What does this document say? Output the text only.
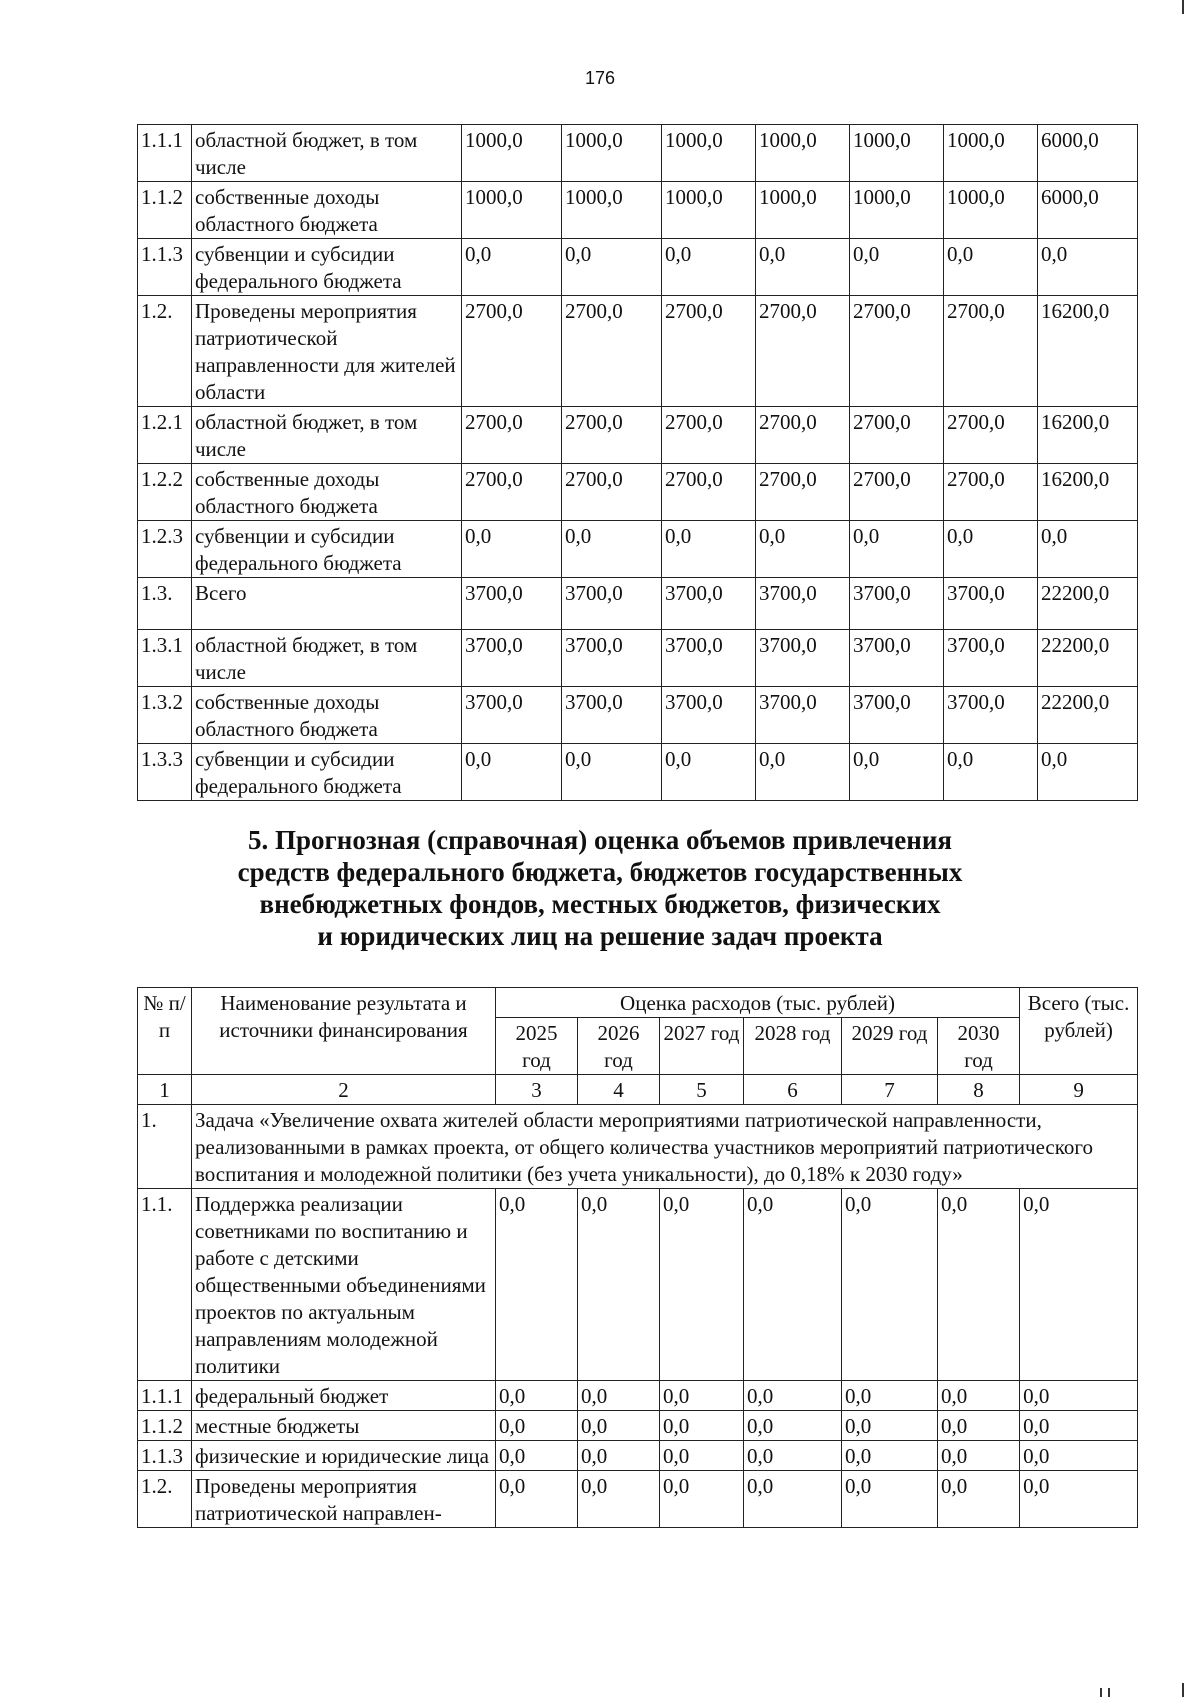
176
1.1.1	областной бюджет, в том числе	1000,0	1000,0	1000,0	1000,0	1000,0	1000,0	6000,0
1.1.2	собственные доходы областного бюджета	1000,0	1000,0	1000,0	1000,0	1000,0	1000,0	6000,0
1.1.3	субвенции и субсидии федерального бюджета	0,0	0,0	0,0	0,0	0,0	0,0	0,0
1.2.	Проведены мероприятия патриотической направленности для жителей области	2700,0	2700,0	2700,0	2700,0	2700,0	2700,0	16200,0
1.2.1	областной бюджет, в том числе	2700,0	2700,0	2700,0	2700,0	2700,0	2700,0	16200,0
1.2.2	собственные доходы областного бюджета	2700,0	2700,0	2700,0	2700,0	2700,0	2700,0	16200,0
1.2.3	субвенции и субсидии федерального бюджета	0,0	0,0	0,0	0,0	0,0	0,0	0,0
1.3.	Всего	3700,0	3700,0	3700,0	3700,0	3700,0	3700,0	22200,0
1.3.1	областной бюджет, в том числе	3700,0	3700,0	3700,0	3700,0	3700,0	3700,0	22200,0
1.3.2	собственные доходы областного бюджета	3700,0	3700,0	3700,0	3700,0	3700,0	3700,0	22200,0
1.3.3	субвенции и субсидии федерального бюджета	0,0	0,0	0,0	0,0	0,0	0,0	0,0
5. Прогнозная (справочная) оценка объемов привлечения
средств федерального бюджета, бюджетов государственных
внебюджетных фондов, местных бюджетов, физических
и юридических лиц на решение задач проекта
№ п/п	Наименование результата и источники финансирования	Оценка расходов (тыс. рублей)						Всего (тыс. рублей)
		2025 год	2026 год	2027 год	2028 год	2029 год	2030 год	
1	2	3	4	5	6	7	8	9
1.	Задача «Увеличение охвата жителей области мероприятиями патриотической направленности, реализованными в рамках проекта, от общего количества участников мероприятий патриотического воспитания и молодежной политики (без учета уникальности), до 0,18% к 2030 году»							
1.1.	Поддержка реализации советниками по воспитанию и работе с детскими общественными объединениями проектов по актуальным направлениям молодежной политики	0,0	0,0	0,0	0,0	0,0	0,0	0,0
1.1.1	федеральный бюджет	0,0	0,0	0,0	0,0	0,0	0,0	0,0
1.1.2	местные бюджеты	0,0	0,0	0,0	0,0	0,0	0,0	0,0
1.1.3	физические и юридические лица	0,0	0,0	0,0	0,0	0,0	0,0	0,0
1.2.	Проведены мероприятия патриотической направлен-	0,0	0,0	0,0	0,0	0,0	0,0	0,0
